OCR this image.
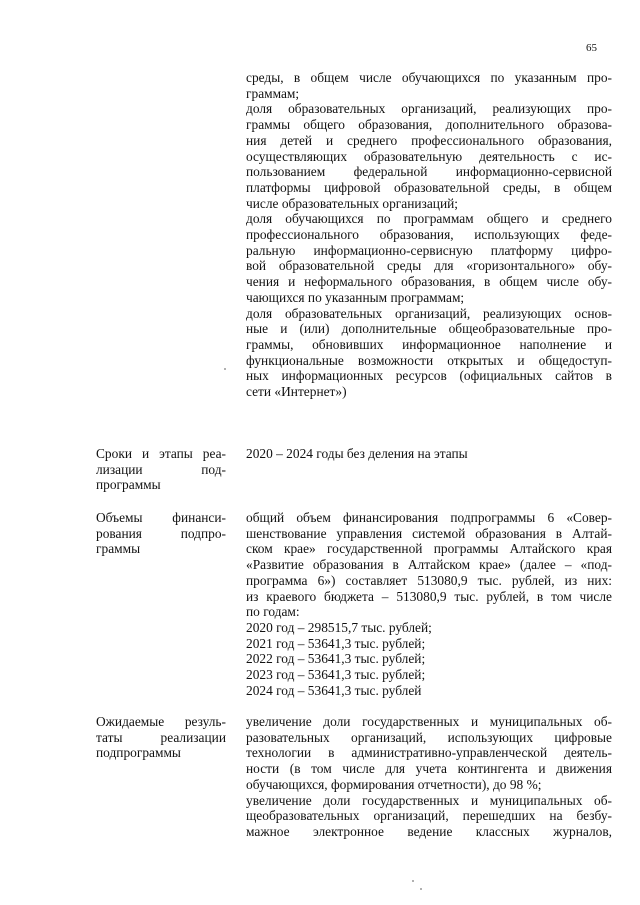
65
среды, в общем числе обучающихся по указанным про-
граммам;
доля образовательных организаций, реализующих про-
граммы общего образования, дополнительного образова-
ния детей и среднего профессионального образования,
осуществляющих образовательную деятельность с ис-
пользованием федеральной информационно-сервисной
платформы цифровой образовательной среды, в общем
числе образовательных организаций;
доля обучающихся по программам общего и среднего
профессионального образования, использующих феде-
ральную информационно-сервисную платформу цифро-
вой образовательной среды для «горизонтального» обу-
чения и неформального образования, в общем числе обу-
чающихся по указанным программам;
доля образовательных организаций, реализующих основ-
ные и (или) дополнительные общеобразовательные про-
граммы, обновивших информационное наполнение и
функциональные возможности открытых и общедоступ-
ных информационных ресурсов (официальных сайтов в
сети «Интернет»)
Сроки и этапы реа-
лизации под-
программы
2020 – 2024 годы без деления на этапы
Объемы финанси-
рования подпро-
граммы
общий объем финансирования подпрограммы 6 «Совер-
шенствование управления системой образования в Алтай-
ском крае» государственной программы Алтайского края
«Развитие образования в Алтайском крае» (далее – «под-
программа 6») составляет 513080,9 тыс. рублей, из них:
из краевого бюджета – 513080,9 тыс. рублей, в том числе
по годам:
2020 год – 298515,7 тыс. рублей;
2021 год – 53641,3 тыс. рублей;
2022 год – 53641,3 тыс. рублей;
2023 год – 53641,3 тыс. рублей;
2024 год – 53641,3 тыс. рублей
Ожидаемые резуль-
таты реализации
подпрограммы
увеличение доли государственных и муниципальных об-
разовательных организаций, использующих цифровые
технологии в административно-управленческой деятель-
ности (в том числе для учета контингента и движения
обучающихся, формирования отчетности), до 98 %;
увеличение доли государственных и муниципальных об-
щеобразовательных организаций, перешедших на безбу-
мажное электронное ведение классных журналов,
